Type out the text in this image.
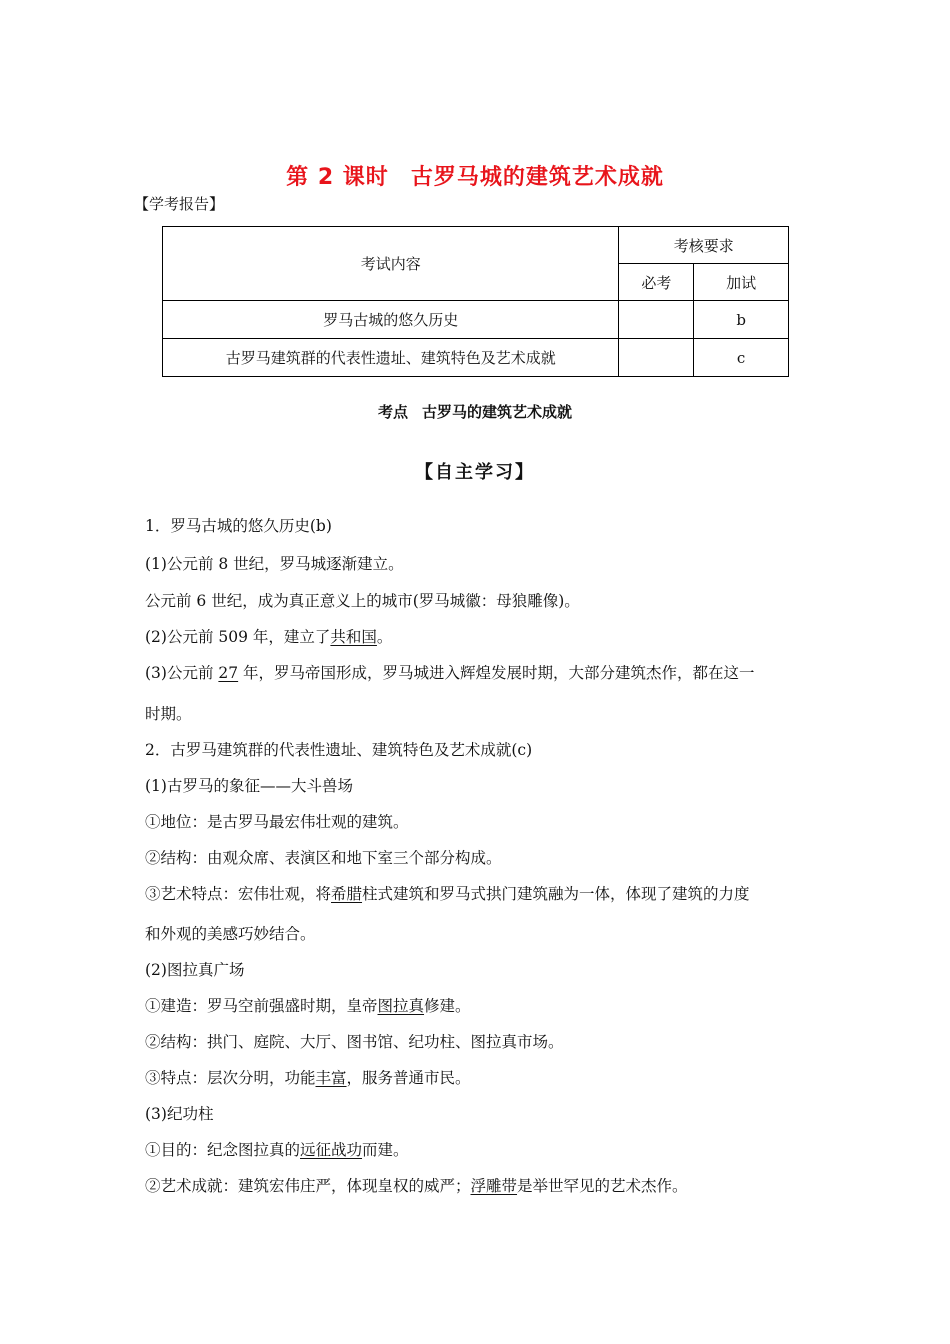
第 2 课时 古罗马城的建筑艺术成就
【学考报告】
考试内容	考核要求	
	必考	加试
罗马古城的悠久历史		b
古罗马建筑群的代表性遗址、建筑特色及艺术成就		c
考点 古罗马的建筑艺术成就
【自主学习】
1．罗马古城的悠久历史(b)
(1)公元前 8 世纪，罗马城逐渐建立。
公元前 6 世纪，成为真正意义上的城市(罗马城徽：母狼雕像)。
(2)公元前 509 年，建立了共和国。
(3)公元前 27 年，罗马帝国形成，罗马城进入辉煌发展时期，大部分建筑杰作，都在这一
时期。
2．古罗马建筑群的代表性遗址、建筑特色及艺术成就(c)
(1)古罗马的象征——大斗兽场
①地位：是古罗马最宏伟壮观的建筑。
②结构：由观众席、表演区和地下室三个部分构成。
③艺术特点：宏伟壮观，将希腊柱式建筑和罗马式拱门建筑融为一体，体现了建筑的力度
和外观的美感巧妙结合。
(2)图拉真广场
①建造：罗马空前强盛时期，皇帝图拉真修建。
②结构：拱门、庭院、大厅、图书馆、纪功柱、图拉真市场。
③特点：层次分明，功能丰富，服务普通市民。
(3)纪功柱
①目的：纪念图拉真的远征战功而建。
②艺术成就：建筑宏伟庄严，体现皇权的威严；浮雕带是举世罕见的艺术杰作。
